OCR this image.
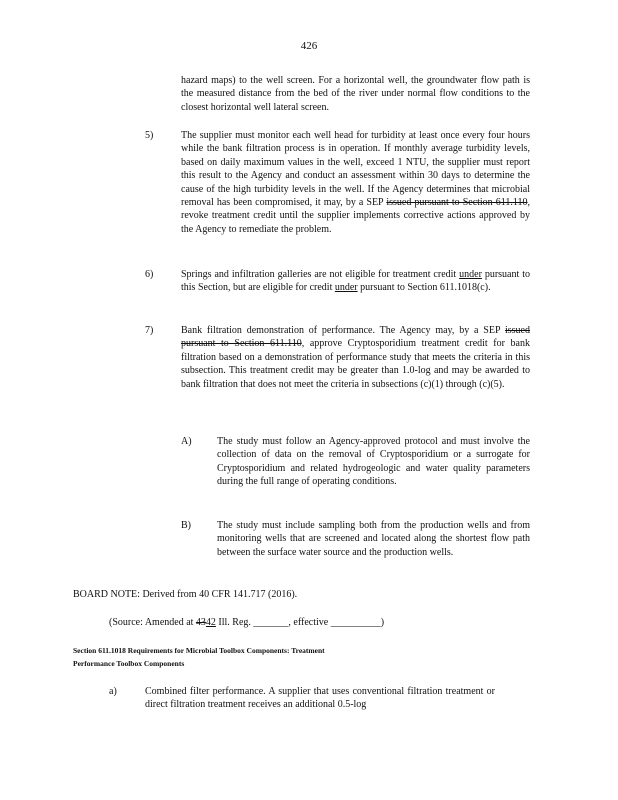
426

hazard maps) to the well screen. For a horizontal well, the groundwater flow path is the measured distance from the bed of the river under normal flow conditions to the closest horizontal well lateral screen.

5)	The supplier must monitor each well head for turbidity at least once every four hours while the bank filtration process is in operation. If monthly average turbidity levels, based on daily maximum values in the well, exceed 1 NTU, the supplier must report this result to the Agency and conduct an assessment within 30 days to determine the cause of the high turbidity levels in the well. If the Agency determines that microbial removal has been compromised, it may, by a SEP issued pursuant to Section 611.110, revoke treatment credit until the supplier implements corrective actions approved by the Agency to remediate the problem.

6)	Springs and infiltration galleries are not eligible for treatment credit under pursuant to this Section, but are eligible for credit under pursuant to Section 611.1018(c).

7)	Bank filtration demonstration of performance. The Agency may, by a SEP issued pursuant to Section 611.110, approve Cryptosporidium treatment credit for bank filtration based on a demonstration of performance study that meets the criteria in this subsection. This treatment credit may be greater than 1.0-log and may be awarded to bank filtration that does not meet the criteria in subsections (c)(1) through (c)(5).

A)	The study must follow an Agency-approved protocol and must involve the collection of data on the removal of Cryptosporidium or a surrogate for Cryptosporidium and related hydrogeologic and water quality parameters during the full range of operating conditions.

B)	The study must include sampling both from the production wells and from monitoring wells that are screened and located along the shortest flow path between the surface water source and the production wells.

BOARD NOTE: Derived from 40 CFR 141.717 (2016).

(Source: Amended at 4342 Ill. Reg. _______, effective __________)

Section 611.1018 Requirements for Microbial Toolbox Components: Treatment

Performance Toolbox Components

a)	Combined filter performance. A supplier that uses conventional filtration treatment or direct filtration treatment receives an additional 0.5-log
